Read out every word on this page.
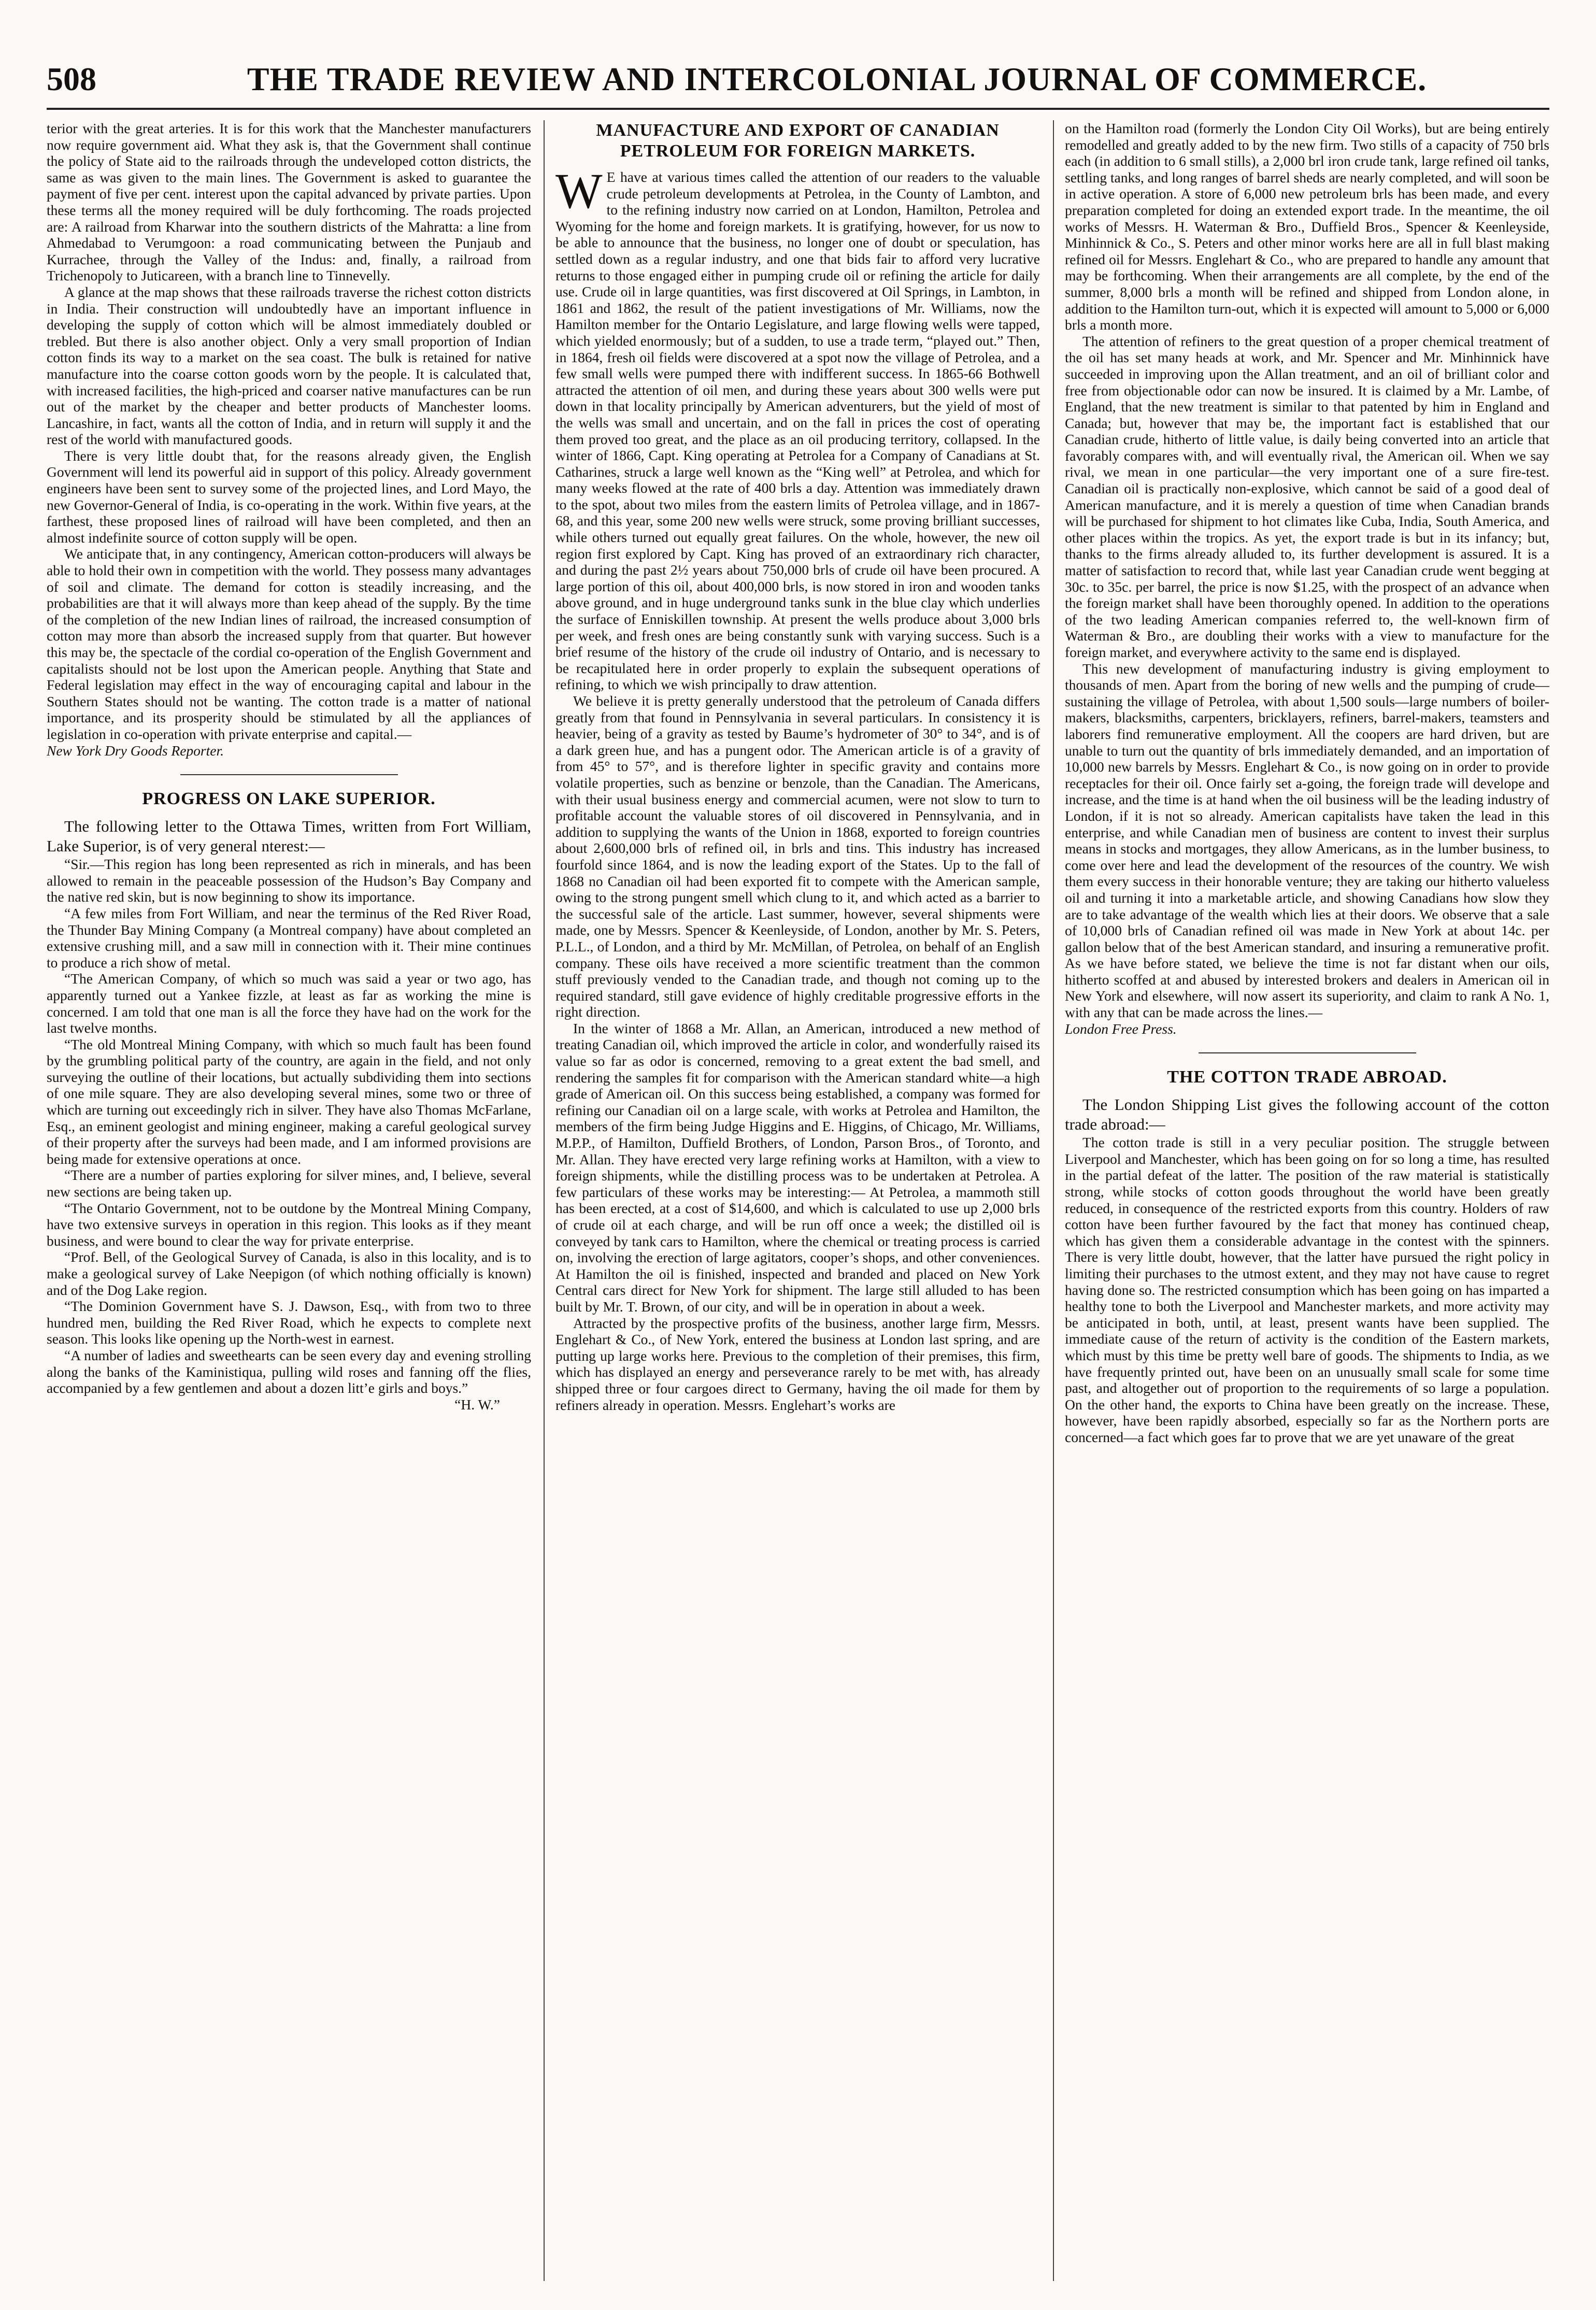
508	THE TRADE REVIEW AND INTERCOLONIAL JOURNAL OF COMMERCE.

terior with the great arteries. It is for this work that the Manchester manufacturers now require government aid. What they ask is, that the Government shall continue the policy of State aid to the railroads through the undeveloped cotton districts, the same as was given to the main lines. The Government is asked to guarantee the payment of five per cent. interest upon the capital advanced by private parties. Upon these terms all the money required will be duly forthcoming. The roads projected are: A railroad from Kharwar into the southern districts of the Mahratta: a line from Ahmedabad to Verumgoon: a road communicating between the Punjaub and Kurrachee, through the Valley of the Indus: and, finally, a railroad from Trichenopoly to Juticareen, with a branch line to Tinnevelly.

A glance at the map shows that these railroads traverse the richest cotton districts in India. Their construction will undoubtedly have an important influence in developing the supply of cotton which will be almost immediately doubled or trebled. But there is also another object. Only a very small proportion of Indian cotton finds its way to a market on the sea coast. The bulk is retained for native manufacture into the coarse cotton goods worn by the people. It is calculated that, with increased facilities, the high-priced and coarser native manufactures can be run out of the market by the cheaper and better products of Manchester looms. Lancashire, in fact, wants all the cotton of India, and in return will supply it and the rest of the world with manufactured goods.

There is very little doubt that, for the reasons already given, the English Government will lend its powerful aid in support of this policy. Already government engineers have been sent to survey some of the projected lines, and Lord Mayo, the new Governor-General of India, is co-operating in the work. Within five years, at the farthest, these proposed lines of railroad will have been completed, and then an almost indefinite source of cotton supply will be open.

We anticipate that, in any contingency, American cotton-producers will always be able to hold their own in competition with the world. They possess many advantages of soil and climate. The demand for cotton is steadily increasing, and the probabilities are that it will always more than keep ahead of the supply. By the time of the completion of the new Indian lines of railroad, the increased consumption of cotton may more than absorb the increased supply from that quarter. But however this may be, the spectacle of the cordial co-operation of the English Government and capitalists should not be lost upon the American people. Anything that State and Federal legislation may effect in the way of encouraging capital and labour in the Southern States should not be wanting. The cotton trade is a matter of national importance, and its prosperity should be stimulated by all the appliances of legislation in co-operation with private enterprise and capital.—

New York Dry Goods Reporter.

PROGRESS ON LAKE SUPERIOR.

The following letter to the Ottawa Times, written from Fort William, Lake Superior, is of very general nterest:—

“Sir.—This region has long been represented as rich in minerals, and has been allowed to remain in the peaceable possession of the Hudson’s Bay Company and the native red skin, but is now beginning to show its importance.

“A few miles from Fort William, and near the terminus of the Red River Road, the Thunder Bay Mining Company (a Montreal company) have about completed an extensive crushing mill, and a saw mill in connection with it. Their mine continues to produce a rich show of metal.

“The American Company, of which so much was said a year or two ago, has apparently turned out a Yankee fizzle, at least as far as working the mine is concerned. I am told that one man is all the force they have had on the work for the last twelve months.

“The old Montreal Mining Company, with which so much fault has been found by the grumbling political party of the country, are again in the field, and not only surveying the outline of their locations, but actually subdividing them into sections of one mile square. They are also developing several mines, some two or three of which are turning out exceedingly rich in silver. They have also Thomas McFarlane, Esq., an eminent geologist and mining engineer, making a careful geological survey of their property after the surveys had been made, and I am informed provisions are being made for extensive operations at once.

“There are a number of parties exploring for silver mines, and, I believe, several new sections are being taken up.

“The Ontario Government, not to be outdone by the Montreal Mining Company, have two extensive surveys in operation in this region. This looks as if they meant business, and were bound to clear the way for private enterprise.

“Prof. Bell, of the Geological Survey of Canada, is also in this locality, and is to make a geological survey of Lake Neepigon (of which nothing officially is known) and of the Dog Lake region.

“The Dominion Government have S. J. Dawson, Esq., with from two to three hundred men, building the Red River Road, which he expects to complete next season. This looks like opening up the North-west in earnest.

“A number of ladies and sweethearts can be seen every day and evening strolling along the banks of the Kaministiqua, pulling wild roses and fanning off the flies, accompanied by a few gentlemen and about a dozen litt’e girls and boys.”

“H. W.”

MANUFACTURE AND EXPORT OF CANADIAN PETROLEUM FOR FOREIGN MARKETS.

W E have at various times called the attention of our readers to the valuable crude petroleum developments at Petrolea, in the County of Lambton, and to the refining industry now carried on at London, Hamilton, Petrolea and Wyoming for the home and foreign markets. It is gratifying, however, for us now to be able to announce that the business, no longer one of doubt or speculation, has settled down as a regular industry, and one that bids fair to afford very lucrative returns to those engaged either in pumping crude oil or refining the article for daily use. Crude oil in large quantities, was first discovered at Oil Springs, in Lambton, in 1861 and 1862, the result of the patient investigations of Mr. Williams, now the Hamilton member for the Ontario Legislature, and large flowing wells were tapped, which yielded enormously; but of a sudden, to use a trade term, “played out.” Then, in 1864, fresh oil fields were discovered at a spot now the village of Petrolea, and a few small wells were pumped there with indifferent success. In 1865-66 Bothwell attracted the attention of oil men, and during these years about 300 wells were put down in that locality principally by American adventurers, but the yield of most of the wells was small and uncertain, and on the fall in prices the cost of operating them proved too great, and the place as an oil producing territory, collapsed. In the winter of 1866, Capt. King operating at Petrolea for a Company of Canadians at St. Catharines, struck a large well known as the “King well” at Petrolea, and which for many weeks flowed at the rate of 400 brls a day. Attention was immediately drawn to the spot, about two miles from the eastern limits of Petrolea village, and in 1867-68, and this year, some 200 new wells were struck, some proving brilliant successes, while others turned out equally great failures. On the whole, however, the new oil region first explored by Capt. King has proved of an extraordinary rich character, and during the past 2½ years about 750,000 brls of crude oil have been procured. A large portion of this oil, about 400,000 brls, is now stored in iron and wooden tanks above ground, and in huge underground tanks sunk in the blue clay which underlies the surface of Enniskillen township. At present the wells produce about 3,000 brls per week, and fresh ones are being constantly sunk with varying success. Such is a brief resume of the history of the crude oil industry of Ontario, and is necessary to be recapitulated here in order properly to explain the subsequent operations of refining, to which we wish principally to draw attention.

We believe it is pretty generally understood that the petroleum of Canada differs greatly from that found in Pennsylvania in several particulars. In consistency it is heavier, being of a gravity as tested by Baume’s hydrometer of 30° to 34°, and is of a dark green hue, and has a pungent odor. The American article is of a gravity of from 45° to 57°, and is therefore lighter in specific gravity and contains more volatile properties, such as benzine or benzole, than the Canadian. The Americans, with their usual business energy and commercial acumen, were not slow to turn to profitable account the valuable stores of oil discovered in Pennsylvania, and in addition to supplying the wants of the Union in 1868, exported to foreign countries about 2,600,000 brls of refined oil, in brls and tins. This industry has increased fourfold since 1864, and is now the leading export of the States. Up to the fall of 1868 no Canadian oil had been exported fit to compete with the American sample, owing to the strong pungent smell which clung to it, and which acted as a barrier to the successful sale of the article. Last summer, however, several shipments were made, one by Messrs. Spencer & Keenleyside, of London, another by Mr. S. Peters, P.L.L., of London, and a third by Mr. McMillan, of Petrolea, on behalf of an English company. These oils have received a more scientific treatment than the common stuff previously vended to the Canadian trade, and though not coming up to the required standard, still gave evidence of highly creditable progressive efforts in the right direction.

In the winter of 1868 a Mr. Allan, an American, introduced a new method of treating Canadian oil, which improved the article in color, and wonderfully raised its value so far as odor is concerned, removing to a great extent the bad smell, and rendering the samples fit for comparison with the American standard white—a high grade of American oil. On this success being established, a company was formed for refining our Canadian oil on a large scale, with works at Petrolea and Hamilton, the members of the firm being Judge Higgins and E. Higgins, of Chicago, Mr. Williams, M.P.P., of Hamilton, Duffield Brothers, of London, Parson Bros., of Toronto, and Mr. Allan. They have erected very large refining works at Hamilton, with a view to foreign shipments, while the distilling process was to be undertaken at Petrolea. A few particulars of these works may be interesting:— At Petrolea, a mammoth still has been erected, at a cost of $14,600, and which is calculated to use up 2,000 brls of crude oil at each charge, and will be run off once a week; the distilled oil is conveyed by tank cars to Hamilton, where the chemical or treating process is carried on, involving the erection of large agitators, cooper’s shops, and other conveniences. At Hamilton the oil is finished, inspected and branded and placed on New York Central cars direct for New York for shipment. The large still alluded to has been built by Mr. T. Brown, of our city, and will be in operation in about a week.

Attracted by the prospective profits of the business, another large firm, Messrs. Englehart & Co., of New York, entered the business at London last spring, and are putting up large works here. Previous to the completion of their premises, this firm, which has displayed an energy and perseverance rarely to be met with, has already shipped three or four cargoes direct to Germany, having the oil made for them by refiners already in operation. Messrs. Englehart’s works are

on the Hamilton road (formerly the London City Oil Works), but are being entirely remodelled and greatly added to by the new firm. Two stills of a capacity of 750 brls each (in addition to 6 small stills), a 2,000 brl iron crude tank, large refined oil tanks, settling tanks, and long ranges of barrel sheds are nearly completed, and will soon be in active operation. A store of 6,000 new petroleum brls has been made, and every preparation completed for doing an extended export trade. In the meantime, the oil works of Messrs. H. Waterman & Bro., Duffield Bros., Spencer & Keenleyside, Minhinnick & Co., S. Peters and other minor works here are all in full blast making refined oil for Messrs. Englehart & Co., who are prepared to handle any amount that may be forthcoming. When their arrangements are all complete, by the end of the summer, 8,000 brls a month will be refined and shipped from London alone, in addition to the Hamilton turn-out, which it is expected will amount to 5,000 or 6,000 brls a month more.

The attention of refiners to the great question of a proper chemical treatment of the oil has set many heads at work, and Mr. Spencer and Mr. Minhinnick have succeeded in improving upon the Allan treatment, and an oil of brilliant color and free from objectionable odor can now be insured. It is claimed by a Mr. Lambe, of England, that the new treatment is similar to that patented by him in England and Canada; but, however that may be, the important fact is established that our Canadian crude, hitherto of little value, is daily being converted into an article that favorably compares with, and will eventually rival, the American oil. When we say rival, we mean in one particular—the very important one of a sure fire-test. Canadian oil is practically non-explosive, which cannot be said of a good deal of American manufacture, and it is merely a question of time when Canadian brands will be purchased for shipment to hot climates like Cuba, India, South America, and other places within the tropics. As yet, the export trade is but in its infancy; but, thanks to the firms already alluded to, its further development is assured. It is a matter of satisfaction to record that, while last year Canadian crude went begging at 30c. to 35c. per barrel, the price is now $1.25, with the prospect of an advance when the foreign market shall have been thoroughly opened. In addition to the operations of the two leading American companies referred to, the well-known firm of Waterman & Bro., are doubling their works with a view to manufacture for the foreign market, and everywhere activity to the same end is displayed.

This new development of manufacturing industry is giving employment to thousands of men. Apart from the boring of new wells and the pumping of crude—sustaining the village of Petrolea, with about 1,500 souls—large numbers of boiler-makers, blacksmiths, carpenters, bricklayers, refiners, barrel-makers, teamsters and laborers find remunerative employment. All the coopers are hard driven, but are unable to turn out the quantity of brls immediately demanded, and an importation of 10,000 new barrels by Messrs. Englehart & Co., is now going on in order to provide receptacles for their oil. Once fairly set a-going, the foreign trade will develope and increase, and the time is at hand when the oil business will be the leading industry of London, if it is not so already. American capitalists have taken the lead in this enterprise, and while Canadian men of business are content to invest their surplus means in stocks and mortgages, they allow Americans, as in the lumber business, to come over here and lead the development of the resources of the country. We wish them every success in their honorable venture; they are taking our hitherto valueless oil and turning it into a marketable article, and showing Canadians how slow they are to take advantage of the wealth which lies at their doors. We observe that a sale of 10,000 brls of Canadian refined oil was made in New York at about 14c. per gallon below that of the best American standard, and insuring a remunerative profit. As we have before stated, we believe the time is not far distant when our oils, hitherto scoffed at and abused by interested brokers and dealers in American oil in New York and elsewhere, will now assert its superiority, and claim to rank A No. 1, with any that can be made across the lines.—

London Free Press.

THE COTTON TRADE ABROAD.

The London Shipping List gives the following account of the cotton trade abroad:—

The cotton trade is still in a very peculiar position. The struggle between Liverpool and Manchester, which has been going on for so long a time, has resulted in the partial defeat of the latter. The position of the raw material is statistically strong, while stocks of cotton goods throughout the world have been greatly reduced, in consequence of the restricted exports from this country. Holders of raw cotton have been further favoured by the fact that money has continued cheap, which has given them a considerable advantage in the contest with the spinners. There is very little doubt, however, that the latter have pursued the right policy in limiting their purchases to the utmost extent, and they may not have cause to regret having done so. The restricted consumption which has been going on has imparted a healthy tone to both the Liverpool and Manchester markets, and more activity may be anticipated in both, until, at least, present wants have been supplied. The immediate cause of the return of activity is the condition of the Eastern markets, which must by this time be pretty well bare of goods. The shipments to India, as we have frequently printed out, have been on an unusually small scale for some time past, and altogether out of proportion to the requirements of so large a population. On the other hand, the exports to China have been greatly on the increase. These, however, have been rapidly absorbed, especially so far as the Northern ports are concerned—a fact which goes far to prove that we are yet unaware of the great
